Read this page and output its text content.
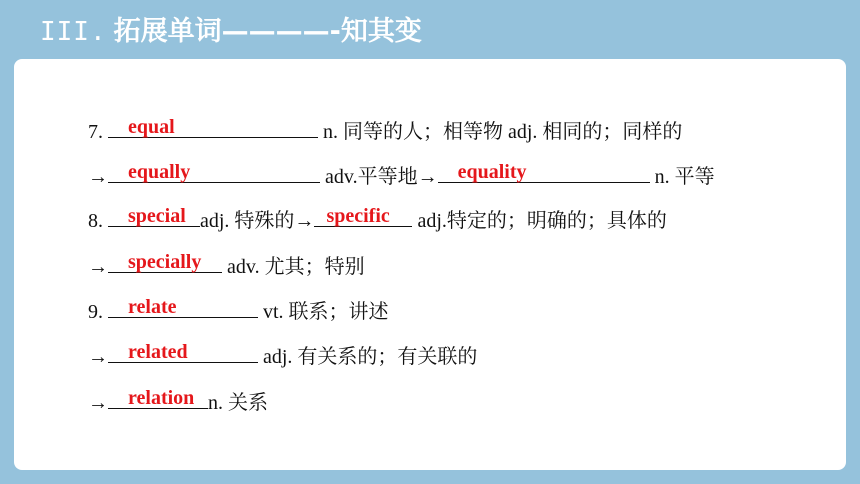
III. 拓展单词————-知其变
7. equal	n. 同等的人；相等物 adj. 相同的；同样的
→ equally	adv.平等地→ equality	n. 平等
8. special adj. 特殊的→ specific adj.特定的；明确的；具体的
→ specially adv. 尤其；特别
9. relate	vt. 联系；讲述
→ related	adj. 有关系的；有关联的
→ relation n. 关系
